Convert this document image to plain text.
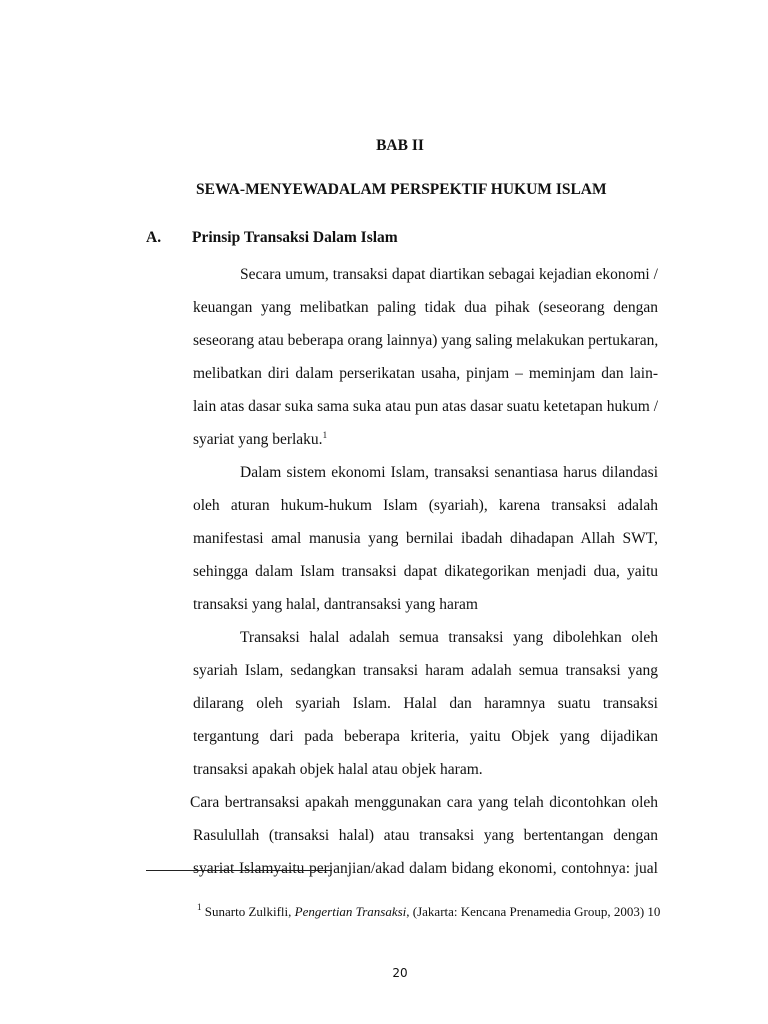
BAB II
SEWA-MENYEWADALAM PERSPEKTIF HUKUM ISLAM
A. Prinsip Transaksi Dalam Islam
Secara umum, transaksi dapat diartikan sebagai kejadian ekonomi /
keuangan yang melibatkan paling tidak dua pihak (seseorang dengan
seseorang atau beberapa orang lainnya) yang saling melakukan pertukaran,
melibatkan diri dalam perserikatan usaha, pinjam – meminjam dan lain-
lain atas dasar suka sama suka atau pun atas dasar suatu ketetapan hukum /
syariat yang berlaku.$^1$
Dalam sistem ekonomi Islam, transaksi senantiasa harus dilandasi
oleh aturan hukum-hukum Islam (syariah), karena transaksi adalah
manifestasi amal manusia yang bernilai ibadah dihadapan Allah SWT,
sehingga dalam Islam transaksi dapat dikategorikan menjadi dua, yaitu
transaksi yang halal, dantransaksi yang haram
Transaksi halal adalah semua transaksi yang dibolehkan oleh
syariah Islam, sedangkan transaksi haram adalah semua transaksi yang
dilarang oleh syariah Islam. Halal dan haramnya suatu transaksi
tergantung dari pada beberapa kriteria, yaitu Objek yang dijadikan
transaksi apakah objek halal atau objek haram.
Cara bertransaksi apakah menggunakan cara yang telah dicontohkan oleh
Rasulullah (transaksi halal) atau transaksi yang bertentangan dengan
syariat Islamyaitu perjanjian/akad dalam bidang ekonomi, contohnya: jual
$^1$ Sunarto Zulkifli, Pengertian Transaksi, (Jakarta: Kencana Prenamedia Group, 2003) 10
20
